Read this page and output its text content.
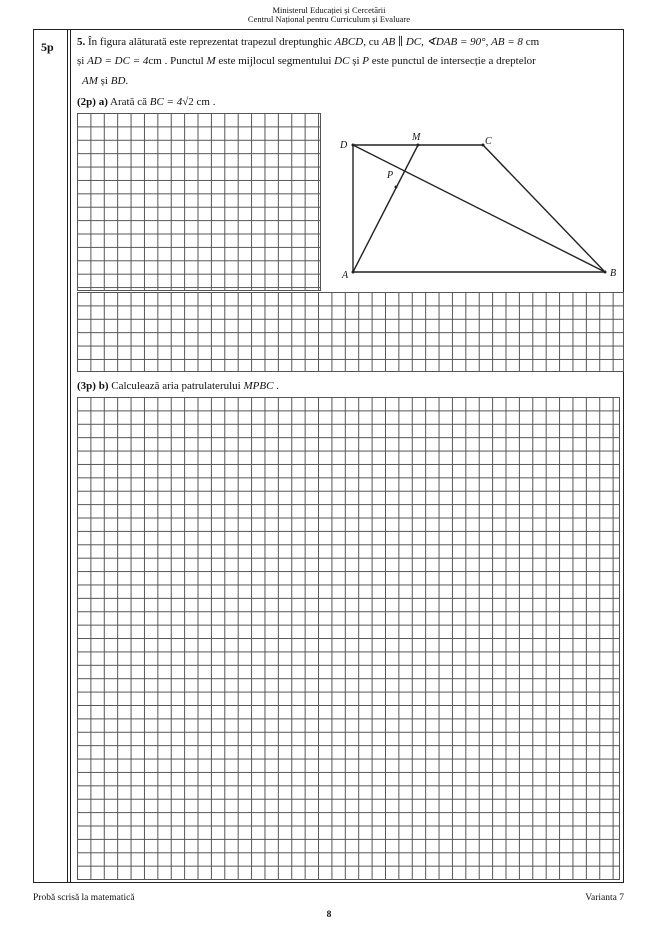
Ministerul Educației și Cercetării
Centrul Național pentru Curriculum și Evaluare
5p 5. În figura alăturată este reprezentat trapezul dreptunghic ABCD, cu AB ∥ DC, ∢DAB = 90°, AB = 8 cm
și AD = DC = 4cm . Punctul M este mijlocul segmentului DC și P este punctul de intersecție a dreptelor
AM și BD.
(2p) a) Arată că BC = 4√2 cm .
D
M	C
P
A	B
(3p) b) Calculează aria patrulaterului MPBC .
Probă scrisă la matematică	Varianta 7
8
